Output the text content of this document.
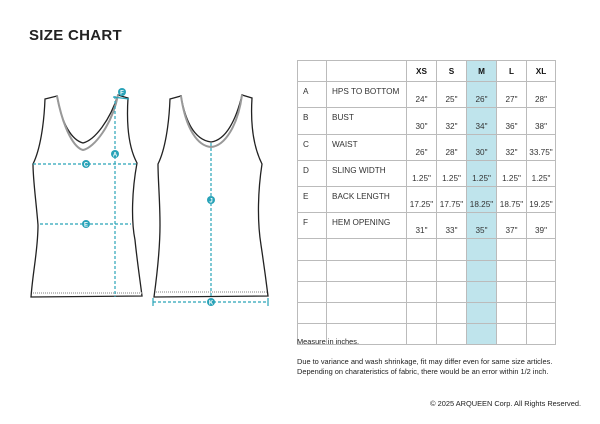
SIZE CHART
F
A
C
E
J
K
		XS	S	M	L	XL
A	HPS TO BOTTOM	24"	25"	26"	27"	28"
B	BUST	30"	32"	34"	36"	38"
C	WAIST	26"	28"	30"	32"	33.75"
D	SLING WIDTH	1.25"	1.25"	1.25"	1.25"	1.25"
E	BACK LENGTH	17.25"	17.75"	18.25"	18.75"	19.25"
F	HEM OPENING	31"	33"	35"	37"	39"

Measure in inches.
Due to variance and wash shrinkage, fit may differ even for same size articles.
Depending on charateristics of fabric, there would be an error within 1/2 inch.
© 2025 ARQUEEN Corp. All Rights Reserved.
